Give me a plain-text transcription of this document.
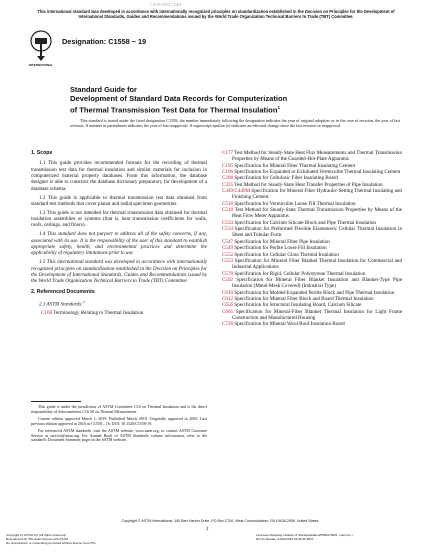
Licensed copy
This international standard was developed in accordance with internationally recognized principles on standardization established in the Decision on Principles for the Development of International Standards, Guides and Recommendations issued by the World Trade Organization Technical Barriers to Trade (TBT) Committee.
INTERNATIONAL
Designation: C1558 − 19
Standard Guide for
Development of Standard Data Records for Computerization
of Thermal Transmission Test Data for Thermal Insulation$^1$
This standard is issued under the fixed designation C1558; the number immediately following the designation indicates the year of original adoption or, in the case of revision, the year of last revision. A number in parentheses indicates the year of last reapproval. A superscript epsilon (ε) indicates an editorial change since the last revision or reapproval.
1. Scope
1.1 This guide provides recommended formats for the recording of thermal transmission test data for thermal insulation and similar materials for inclusion in computerized material property databases. From this information, the database designer is able to construct the database dictionary preparatory for development of a database schema.
1.2 This guide is applicable to thermal transmission test data obtained from standard test methods that cover planar and radial specimen geometries.
1.3 This guide is not intended for thermal transmission data obtained for thermal insulation assemblies or systems (that is, heat transmission coefficients for walls, roofs, ceilings, and floors).
1.4 This standard does not purport to address all of the safety concerns, if any, associated with its use. It is the responsibility of the user of this standard to establish appropriate safety, health, and environmental practices and determine the applicability of regulatory limitations prior to use.
1.5 This international standard was developed in accordance with internationally recognized principles on standardization established in the Decision on Principles for the Development of International Standards, Guides and Recommendations issued by the World Trade Organization Technical Barriers to Trade (TBT) Committee.
2. Referenced Documents
2.1 ASTM Standards:$^2$
C168 Terminology Relating to Thermal Insulation
This guide is under the jurisdiction of ASTM Committee C16 on Thermal Insulation and is the direct responsibility of Subcommittee C16.30 on Thermal Measurement.
Current edition approved March 1, 2019. Published March 2019. Originally approved in 2003. Last previous edition approved in 2016 as C1558 – 16. DOI: 10.1520/C1558-19.
For referenced ASTM standards, visit the ASTM website, www.astm.org, or contact ASTM Customer Service at service@astm.org. For Annual Book of ASTM Standards volume information, refer to the standard's Document Summary page on the ASTM website.
C177 Test Method for Steady-State Heat Flux Measurements and Thermal Transmission Properties by Means of the Guarded-Hot-Plate Apparatus
C195 Specification for Mineral Fiber Thermal Insulating Cement
C196 Specification for Expanded or Exfoliated Vermiculite Thermal Insulating Cement
C208 Specification for Cellulosic Fiber Insulating Board
C335 Test Method for Steady-State Heat Transfer Properties of Pipe Insulation
C449/C449M Specification for Mineral Fiber Hydraulic-Setting Thermal Insulating and Finishing Cement
C516 Specification for Vermiculite Loose Fill Thermal Insulation
C518 Test Method for Steady-State Thermal Transmission Properties by Means of the Heat Flow Meter Apparatus
C533 Specification for Calcium Silicate Block and Pipe Thermal Insulation
C534 Specification for Preformed Flexible Elastomeric Cellular Thermal Insulation in Sheet and Tubular Form
C547 Specification for Mineral Fiber Pipe Insulation
C549 Specification for Perlite Loose Fill Insulation
C552 Specification for Cellular Glass Thermal Insulation
C553 Specification for Mineral Fiber Blanket Thermal Insulation for Commercial and Industrial Applications
C578 Specification for Rigid, Cellular Polystyrene Thermal Insulation
C592 Specification for Mineral Fiber Blanket Insulation and Blanket-Type Pipe Insulation (Metal-Mesh Covered) (Industrial Type)
C610 Specification for Molded Expanded Perlite Block and Pipe Thermal Insulation
C612 Specification for Mineral Fiber Block and Board Thermal Insulation
C656 Specification for Structural Insulating Board, Calcium Silicate
C665 Specification for Mineral-Fiber Blanket Thermal Insulation for Light Frame Construction and Manufactured Housing
C726 Specification for Mineral Wool Roof Insulation Board
Copyright © ASTM International, 100 Barr Harbor Drive, PO Box C700, West Conshohocken, PA 19428-2959. United States
1
Copyright by ASTM Int'l (all rights reserved);
Reproduced by IHS under license with ASTM
No reproduction or networking permitted without license from IHS
Licensee=Zhejiang Institute of Standardization/5959176001, User=xx, r
Not for Resale, 03/10/2019 19:26:25 MDT
